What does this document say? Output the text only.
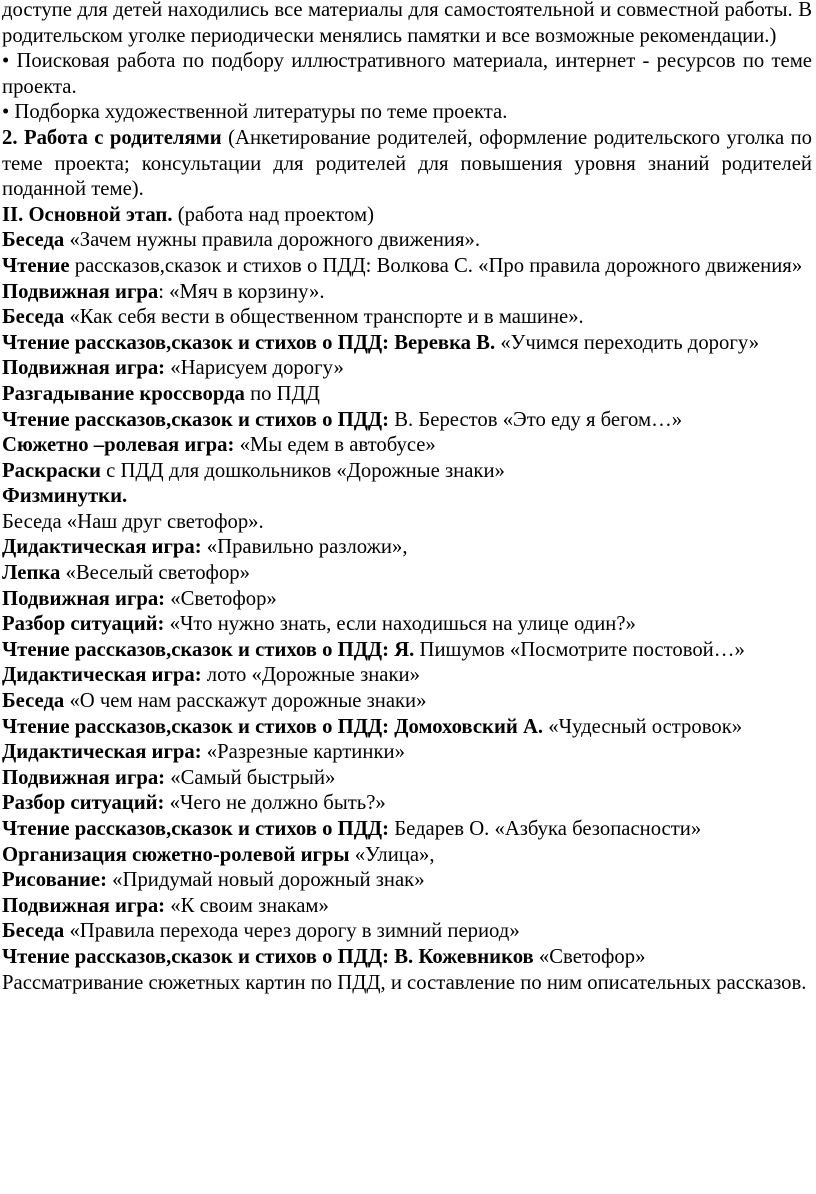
доступе для детей находились все материалы для самостоятельной и совместной работы. В родительском уголке периодически менялись памятки и все возможные рекомендации.)

• Поисковая работа по подбору иллюстративного материала, интернет - ресурсов по теме проекта.

• Подборка художественной литературы по теме проекта.

2. Работа с родителями (Анкетирование родителей, оформление родительского уголка по теме проекта; консультации для родителей для повышения уровня знаний родителей поданной теме).

II. Основной этап. (работа над проектом)

Беседа «Зачем нужны правила дорожного движения».

Чтение рассказов,сказок и стихов о ПДД: Волкова С. «Про правила дорожного движения»

Подвижная игра: «Мяч в корзину».

Беседа «Как себя вести в общественном транспорте и в машине».

Чтение рассказов,сказок и стихов о ПДД: Веревка В. «Учимся переходить дорогу»

Подвижная игра: «Нарисуем дорогу»

Разгадывание кроссворда по ПДД

Чтение рассказов,сказок и стихов о ПДД: В. Берестов «Это еду я бегом…»

Сюжетно –ролевая игра: «Мы едем в автобусе»

Раскраски с ПДД для дошкольников «Дорожные знаки»

Физминутки.

Беседа «Наш друг светофор».

Дидактическая игра: «Правильно разложи»,

Лепка «Веселый светофор»

Подвижная игра: «Светофор»

Разбор ситуаций: «Что нужно знать, если находишься на улице один?»

Чтение рассказов,сказок и стихов о ПДД: Я. Пишумов «Посмотрите постовой…»

Дидактическая игра: лото «Дорожные знаки»

Беседа «О чем нам расскажут дорожные знаки»

Чтение рассказов,сказок и стихов о ПДД: Домоховский А. «Чудесный островок»

Дидактическая игра: «Разрезные картинки»

Подвижная игра: «Самый быстрый»

Разбор ситуаций: «Чего не должно быть?»

Чтение рассказов,сказок и стихов о ПДД: Бедарев О. «Азбука безопасности»

Организация сюжетно-ролевой игры «Улица»,

Рисование: «Придумай новый дорожный знак»

Подвижная игра: «К своим знакам»

Беседа «Правила перехода через дорогу в зимний период»

Чтение рассказов,сказок и стихов о ПДД: В. Кожевников «Светофор»

Рассматривание сюжетных картин по ПДД, и составление по ним описательных рассказов.
